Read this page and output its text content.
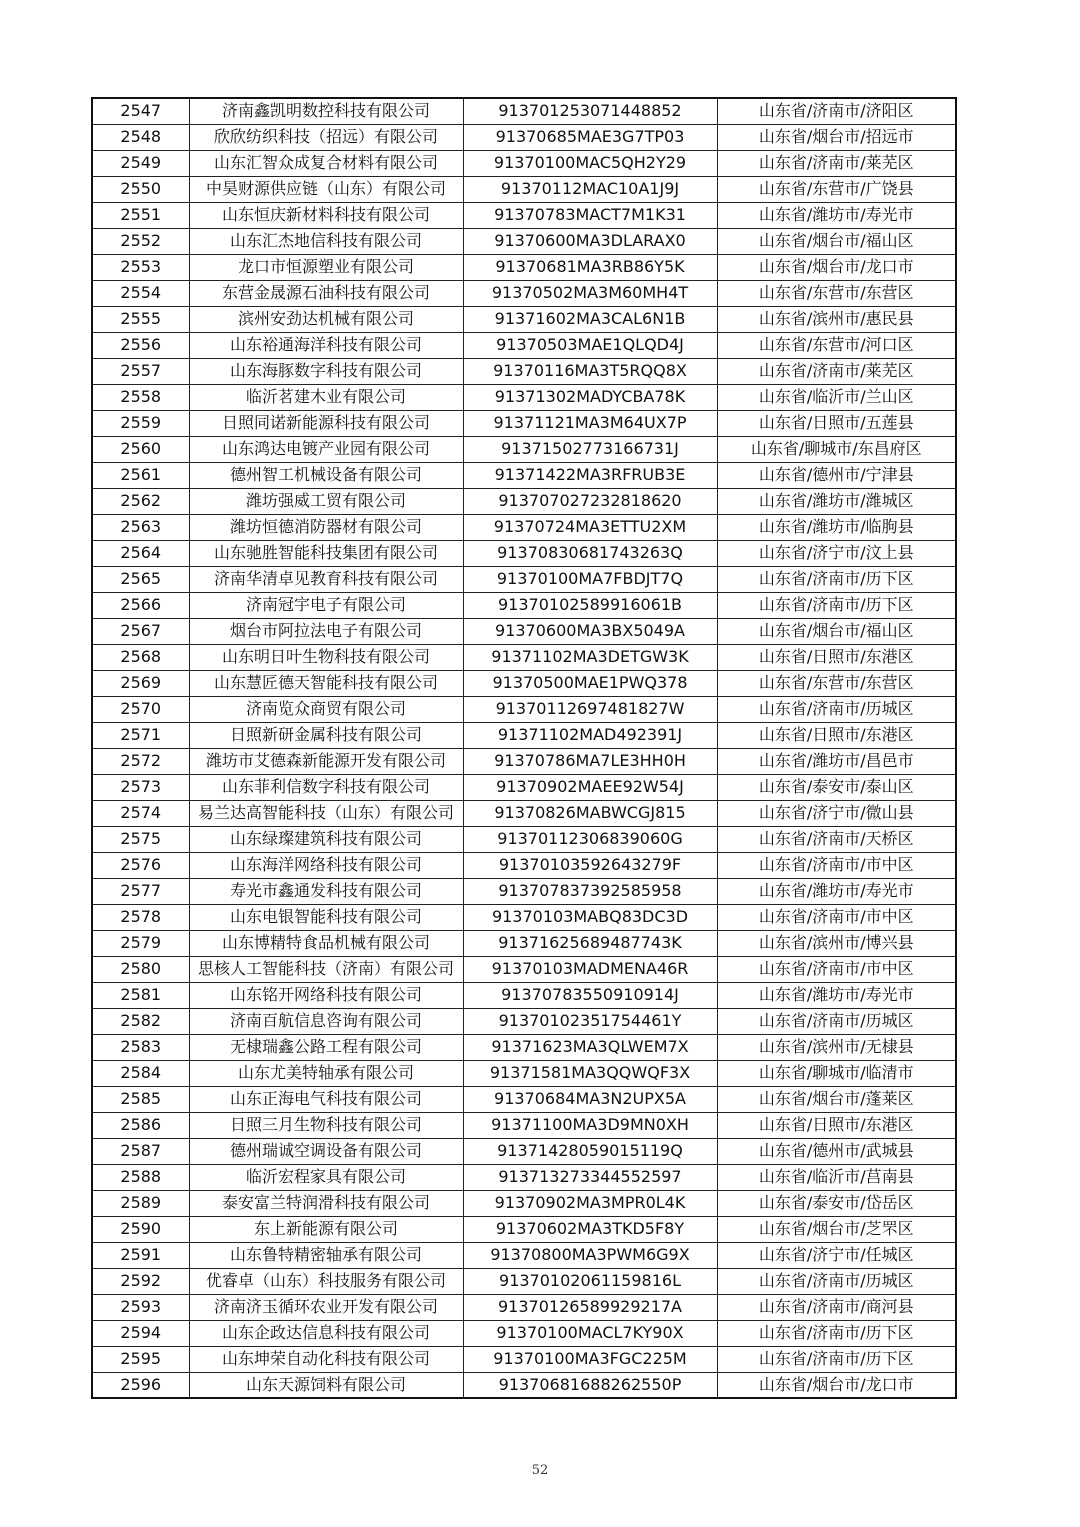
2547	济南鑫凯明数控科技有限公司	91370125307144885​2	山东省/济南市/济阳区
2548	欣欣纺织科技（招远）有限公司	91370685MAE3G7TP03	山东省/烟台市/招远市
2549	山东汇智众成复合材料有限公司	91370100MAC5QH2Y29	山东省/济南市/莱芜区
2550	中昊财源供应链（山东）有限公司	91370112MAC10A1J9J	山东省/东营市/广饶县
2551	山东恒庆新材料科技有限公司	91370783MACT7M1K31	山东省/潍坊市/寿光市
2552	山东汇杰地信科技有限公司	91370600MA3DLARAX0	山东省/烟台市/福山区
2553	龙口市恒源塑业有限公司	91370681MA3RB86Y5K	山东省/烟台市/龙口市
2554	东营金晟源石油科技有限公司	91370502MA3M60MH4T	山东省/东营市/东营区
2555	滨州安劲达机械有限公司	91371602MA3CAL6N1B	山东省/滨州市/惠民县
2556	山东裕通海洋科技有限公司	91370503MAE1QLQD4J	山东省/东营市/河口区
2557	山东海豚数字科技有限公司	91370116MA3T5RQQ8X	山东省/济南市/莱芜区
2558	临沂茗建木业有限公司	91371302MADYCBA78K	山东省/临沂市/兰山区
2559	日照同诺新能源科技有限公司	91371121MA3M64UX7P	山东省/日照市/五莲县
2560	山东鸿达电镀产业园有限公司	91371502773166731J	山东省/聊城市/东昌府区
2561	德州智工机械设备有限公司	91371422MA3RFRUB3E	山东省/德州市/宁津县
2562	潍坊强威工贸有限公司	913707027232818620	山东省/潍坊市/潍城区
2563	潍坊恒德消防器材有限公司	91370724MA3ETTU2XM	山东省/潍坊市/临朐县
2564	山东驰胜智能科技集团有限公司	91370830681743263Q	山东省/济宁市/汶上县
2565	济南华清卓见教育科技有限公司	91370100MA7FBDJT7Q	山东省/济南市/历下区
2566	济南冠宇电子有限公司	91370102589916061B	山东省/济南市/历下区
2567	烟台市阿拉法电子有限公司	91370600MA3BX5049A	山东省/烟台市/福山区
2568	山东明日叶生物科技有限公司	91371102MA3DETGW3K	山东省/日照市/东港区
2569	山东慧匠德天智能科技有限公司	91370500MAE1PWQ378	山东省/东营市/东营区
2570	济南览众商贸有限公司	91370112697481827W	山东省/济南市/历城区
2571	日照新研金属科技有限公司	91371102MAD492391J	山东省/日照市/东港区
2572	潍坊市艾德森新能源开发有限公司	91370786MA7LE3HH0H	山东省/潍坊市/昌邑市
2573	山东菲利信数字科技有限公司	91370902MAEE92W54J	山东省/泰安市/泰山区
2574	易兰达高智能科技（山东）有限公司	91370826MABWCGJ815	山东省/济宁市/微山县
2575	山东绿璨建筑科技有限公司	91370112306839060G	山东省/济南市/天桥区
2576	山东海洋网络科技有限公司	91370103592643279F	山东省/济南市/市中区
2577	寿光市鑫通发科技有限公司	913707837392585958	山东省/潍坊市/寿光市
2578	山东电银智能科技有限公司	91370103MABQ83DC3D	山东省/济南市/市中区
2579	山东博精特食品机械有限公司	91371625689487743K	山东省/滨州市/博兴县
2580	思核人工智能科技（济南）有限公司	91370103MADMENA46R	山东省/济南市/市中区
2581	山东铭开网络科技有限公司	91370783550910914J	山东省/潍坊市/寿光市
2582	济南百航信息咨询有限公司	91370102351754461Y	山东省/济南市/历城区
2583	无棣瑞鑫公路工程有限公司	91371623MA3QLWEM7X	山东省/滨州市/无棣县
2584	山东尤美特轴承有限公司	91371581MA3QQWQF3X	山东省/聊城市/临清市
2585	山东正海电气科技有限公司	91370684MA3N2UPX5A	山东省/烟台市/蓬莱区
2586	日照三月生物科技有限公司	91371100MA3D9MN0XH	山东省/日照市/东港区
2587	德州瑞诚空调设备有限公司	91371428059015119Q	山东省/德州市/武城县
2588	临沂宏程家具有限公司	913713273344552597	山东省/临沂市/莒南县
2589	泰安富兰特润滑科技有限公司	91370902MA3MPR0L4K	山东省/泰安市/岱岳区
2590	东上新能源有限公司	91370602MA3TKD5F8Y	山东省/烟台市/芝罘区
2591	山东鲁特精密轴承有限公司	91370800MA3PWM6G9X	山东省/济宁市/任城区
2592	优睿卓（山东）科技服务有限公司	91370102061159816L	山东省/济南市/历城区
2593	济南济玉循环农业开发有限公司	91370126589929217A	山东省/济南市/商河县
2594	山东企政达信息科技有限公司	91370100MACL7KY90X	山东省/济南市/历下区
2595	山东坤荣自动化科技有限公司	91370100MA3FGC225M	山东省/济南市/历下区
2596	山东天源饲料有限公司	91370681688262550P	山东省/烟台市/龙口市
52
